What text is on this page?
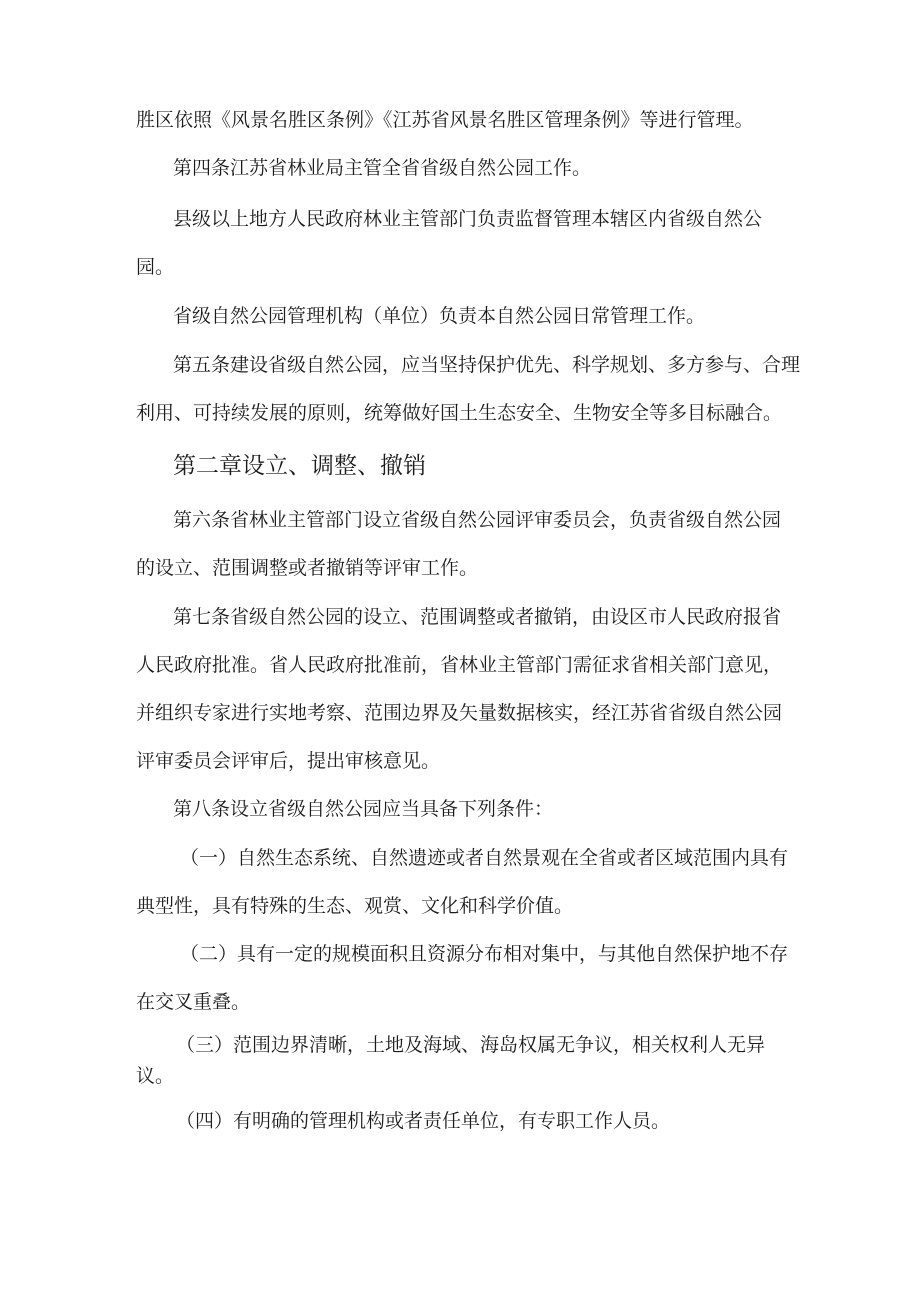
胜区依照《风景名胜区条例》《江苏省风景名胜区管理条例》等进行管理。
第四条江苏省林业局主管全省省级自然公园工作。
县级以上地方人民政府林业主管部门负责监督管理本辖区内省级自然公
园。
省级自然公园管理机构（单位）负责本自然公园日常管理工作。
第五条建设省级自然公园，应当坚持保护优先、科学规划、多方参与、合理
利用、可持续发展的原则，统筹做好国土生态安全、生物安全等多目标融合。
第二章设立、调整、撤销
第六条省林业主管部门设立省级自然公园评审委员会，负责省级自然公园
的设立、范围调整或者撤销等评审工作。
第七条省级自然公园的设立、范围调整或者撤销，由设区市人民政府报省
人民政府批准。省人民政府批准前，省林业主管部门需征求省相关部门意见，
并组织专家进行实地考察、范围边界及矢量数据核实，经江苏省省级自然公园
评审委员会评审后，提出审核意见。
第八条设立省级自然公园应当具备下列条件：
（一）自然生态系统、自然遗迹或者自然景观在全省或者区域范围内具有
典型性，具有特殊的生态、观赏、文化和科学价值。
（二）具有一定的规模面积且资源分布相对集中，与其他自然保护地不存
在交叉重叠。
（三）范围边界清晰，土地及海域、海岛权属无争议，相关权利人无异
议。
（四）有明确的管理机构或者责任单位，有专职工作人员。
